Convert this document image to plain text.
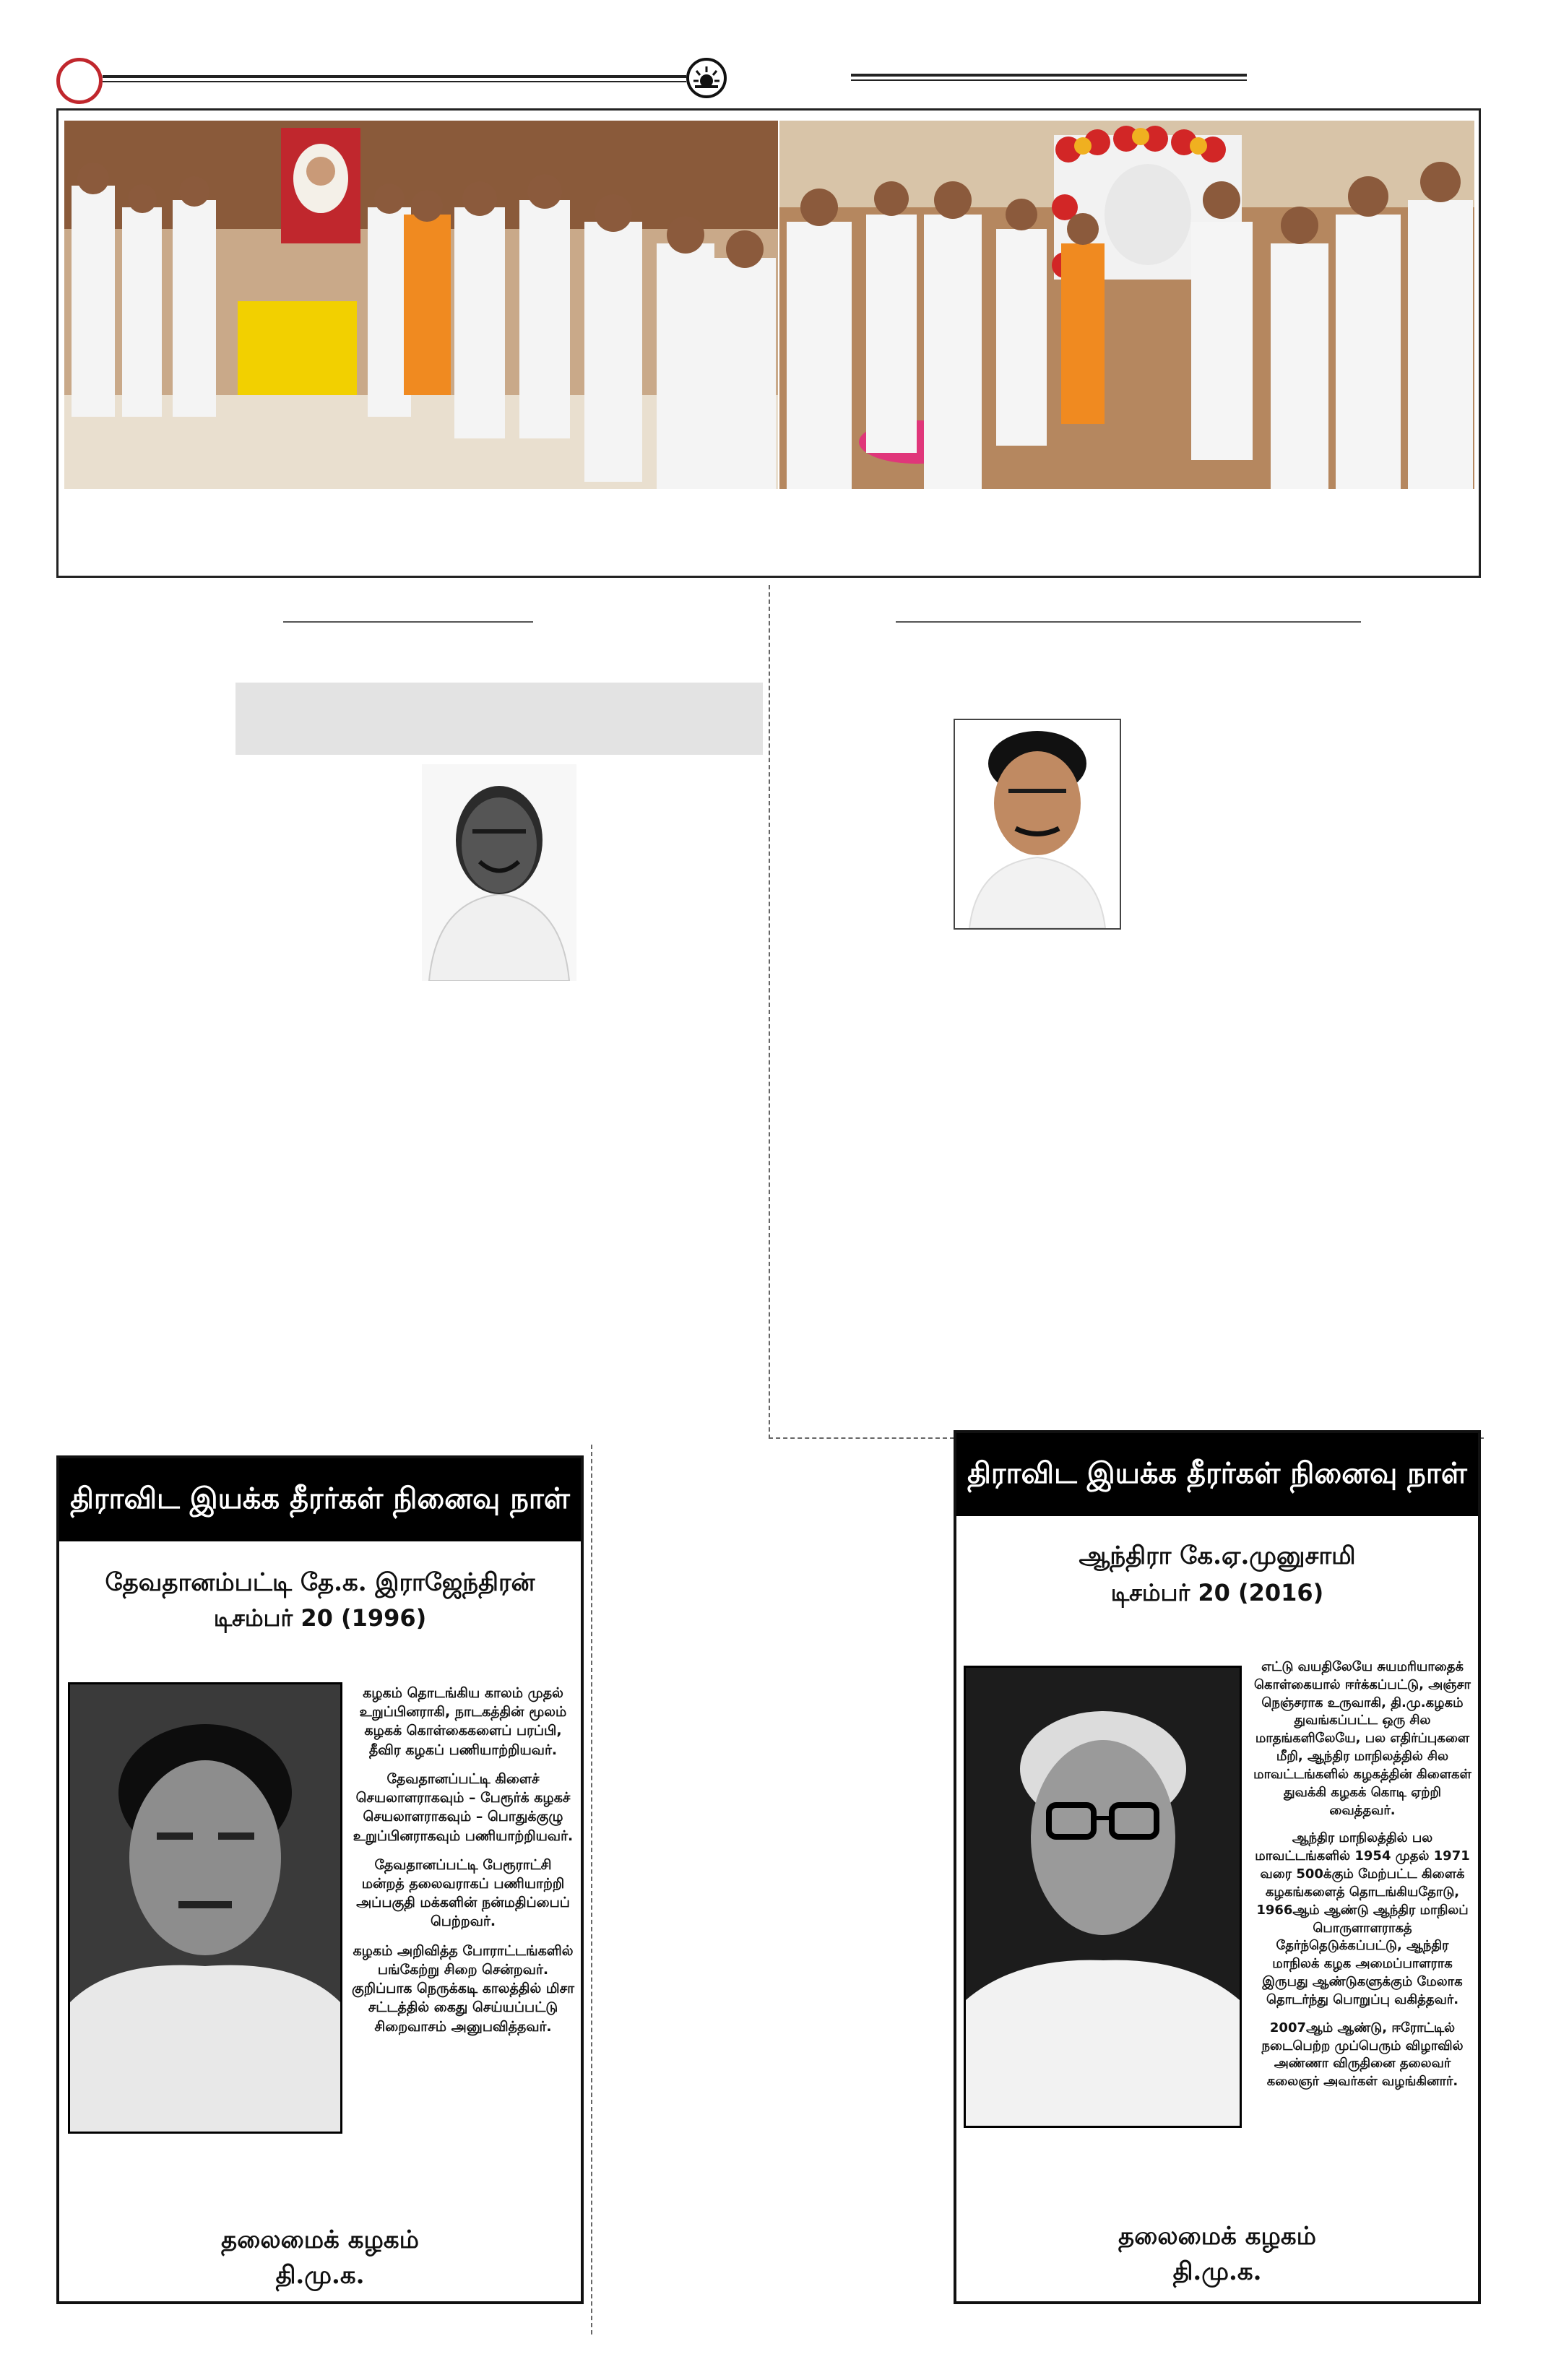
திராவிட இயக்க தீரர்கள் நினைவு நாள்
தேவதானம்பட்டி தே.க. இராஜேந்திரன்
டிசம்பர் 20 (1996)

கழகம் தொடங்கிய காலம் முதல் உறுப்பினராகி, நாடகத்தின் மூலம் கழகக் கொள்கைகளைப் பரப்பி, தீவிர கழகப் பணியாற்றியவர்.

தேவதானப்பட்டி கிளைச் செயலாளராகவும் – பேரூர்க் கழகச் செயலாளராகவும் – பொதுக்குழு உறுப்பினராகவும் பணியாற்றியவர்.

தேவதானப்பட்டி பேரூராட்சி மன்றத் தலைவராகப் பணியாற்றி அப்பகுதி மக்களின் நன்மதிப்பைப் பெற்றவர்.

கழகம் அறிவித்த போராட்டங்களில் பங்கேற்று சிறை சென்றவர். குறிப்பாக நெருக்கடி காலத்தில் மிசா சட்டத்தில் கைது செய்யப்பட்டு சிறைவாசம் அனுபவித்தவர்.

தலைமைக் கழகம்
தி.மு.க.
திராவிட இயக்க தீரர்கள் நினைவு நாள்
ஆந்திரா கே.ஏ.முனுசாமி
டிசம்பர் 20 (2016)

எட்டு வயதிலேயே சுயமரியாதைக் கொள்கையால் ஈர்க்கப்பட்டு, அஞ்சா நெஞ்சராக உருவாகி, தி.மு.கழகம் துவங்கப்பட்ட ஒரு சில மாதங்களிலேயே, பல எதிர்ப்புகளை மீறி, ஆந்திர மாநிலத்தில் சில மாவட்டங்களில் கழகத்தின் கிளைகள் துவக்கி கழகக் கொடி ஏற்றி வைத்தவர்.

ஆந்திர மாநிலத்தில் பல மாவட்டங்களில் 1954 முதல் 1971 வரை 500க்கும் மேற்பட்ட கிளைக் கழகங்களைத் தொடங்கியதோடு, 1966ஆம் ஆண்டு ஆந்திர மாநிலப் பொருளாளராகத் தேர்ந்தெடுக்கப்பட்டு, ஆந்திர மாநிலக் கழக அமைப்பாளராக இருபது ஆண்டுகளுக்கும் மேலாக தொடர்ந்து பொறுப்பு வகித்தவர்.

2007ஆம் ஆண்டு, ஈரோட்டில் நடைபெற்ற முப்பெரும் விழாவில் அண்ணா விருதினை தலைவர் கலைஞர் அவர்கள் வழங்கினார்.

தலைமைக் கழகம்
தி.மு.க.
